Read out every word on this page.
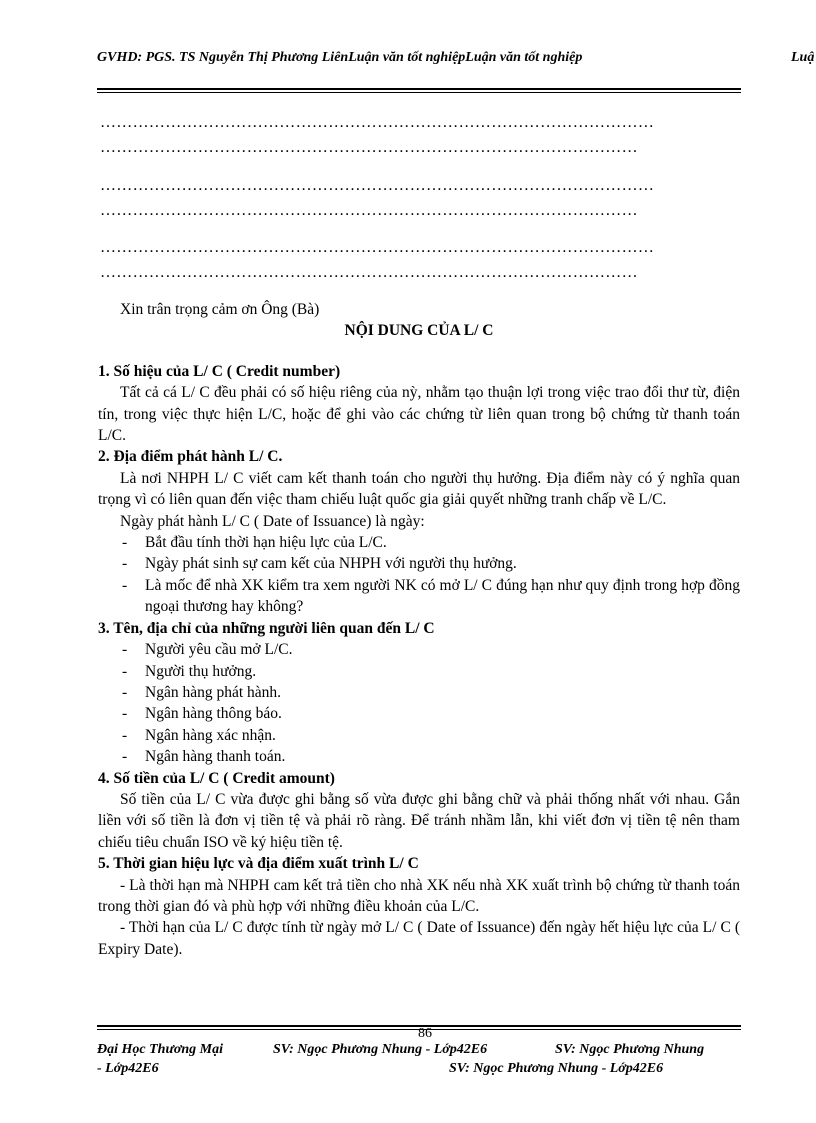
GVHD: PGS. TS Nguyễn Thị Phương LiênLuận văn tốt nghiệpLuận văn tốt nghiệp	Luậ
…………………………………………………………………………………………
………………………………………………………………………………………
…………………………………………………………………………………………
………………………………………………………………………………………
…………………………………………………………………………………………
………………………………………………………………………………………

Xin trân trọng cảm ơn Ông (Bà)

NỘI DUNG CỦA L/ C

1. Số hiệu của L/ C ( Credit number)

Tất cả cá L/ C đều phải có số hiệu riêng của nỳ, nhằm tạo thuận lợi trong việc trao đổi thư từ, điện tín, trong việc thực hiện L/C, hoặc để ghi vào các chứng từ liên quan trong bộ chứng từ thanh toán L/C.

2. Địa điểm phát hành L/ C.

Là nơi NHPH L/ C viết cam kết thanh toán cho người thụ hưởng. Địa điểm này có ý nghĩa quan trọng vì có liên quan đến việc tham chiếu luật quốc gia giải quyết những tranh chấp về L/C.

Ngày phát hành L/ C ( Date of Issuance) là ngày:

- Bắt đầu tính thời hạn hiệu lực của L/C.
- Ngày phát sinh sự cam kết của NHPH với người thụ hưởng.
- Là mốc để nhà XK kiểm tra xem người NK có mở L/ C đúng hạn như quy định trong hợp đồng ngoại thương hay không?

3. Tên, địa chỉ của những người liên quan đến L/ C

- Người yêu cầu mở L/C.
- Người thụ hưởng.
- Ngân hàng phát hành.
- Ngân hàng thông báo.
- Ngân hàng xác nhận.
- Ngân hàng thanh toán.

4. Số tiền của L/ C ( Credit amount)

Số tiền của L/ C vừa được ghi bằng số vừa được ghi bằng chữ và phải thống nhất với nhau. Gắn liền với số tiền là đơn vị tiền tệ và phải rõ ràng. Để tránh nhầm lẫn, khi viết đơn vị tiền tệ nên tham chiếu tiêu chuẩn ISO về ký hiệu tiền tệ.

5. Thời gian hiệu lực và địa điểm xuất trình L/ C

- Là thời hạn mà NHPH cam kết trả tiền cho nhà XK nếu nhà XK xuất trình bộ chứng từ thanh toán trong thời gian đó và phù hợp với những điều khoản của L/C.

- Thời hạn của L/ C được tính từ ngày mở L/ C ( Date of Issuance) đến ngày hết hiệu lực của L/ C ( Expiry Date).

86
Đại Học Thương Mại	SV: Ngọc Phương Nhung - Lớp42E6	SV: Ngọc Phương Nhung
- Lớp42E6	SV: Ngọc Phương Nhung - Lớp42E6
